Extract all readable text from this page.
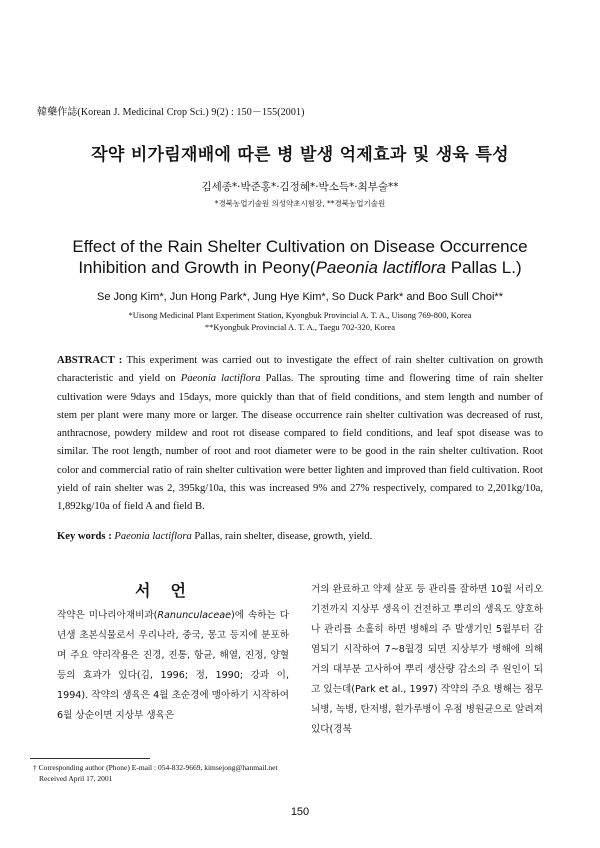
韓藥作誌(Korean J. Medicinal Crop Sci.) 9(2) : 150－155(2001)
작약 비가림재배에 따른 병 발생 억제효과 및 생육 특성
김세종*·박준홍*·김정혜*·박소득*·최부술**
*경북농업기술원 의성약초시험장, **경북농업기술원
Effect of the Rain Shelter Cultivation on Disease Occurrence
Inhibition and Growth in Peony(Paeonia lactiflora Pallas L.)
Se Jong Kim*, Jun Hong Park*, Jung Hye Kim*, So Duck Park* and Boo Sull Choi**
*Uisong Medicinal Plant Experiment Station, Kyongbuk Provincial A. T. A., Uisong 769-800, Korea
**Kyongbuk Provincial A. T. A., Taegu 702-320, Korea
ABSTRACT : This experiment was carried out to investigate the effect of rain shelter cultivation on growth characteristic and yield on Paeonia lactiflora Pallas. The sprouting time and flowering time of rain shelter cultivation were 9days and 15days, more quickly than that of field conditions, and stem length and number of stem per plant were many more or larger. The disease occurrence rain shelter cultivation was decreased of rust, anthracnose, powdery mildew and root rot disease compared to field conditions, and leaf spot disease was to similar. The root length, number of root and root diameter were to be good in the rain shelter cultivation. Root color and commercial ratio of rain shelter cultivation were better lighten and improved than field cultivation. Root yield of rain shelter was 2, 395kg/10a, this was increased 9% and 27% respectively, compared to 2,201kg/10a, 1,892kg/10a of field A and field B.
Key words : Paeonia lactiflora Pallas, rain shelter, disease, growth, yield.
서언

작약은 미나리아재비과(Ranunculaceae)에 속하는 다년생 초본식물로서 우리나라, 중국, 몽고 등지에 분포하며 주요 약리작용은 진경, 진통, 항균, 해열, 진정, 양혈 등의 효과가 있다(김, 1996; 정, 1990; 강과 이, 1994). 작약의 생육은 4월 초순경에 맹아하기 시작하여 6월 상순이면 지상부 생육은

거의 완료하고 약제 살포 등 관리를 잘하면 10월 서리오기전까지 지상부 생육이 건전하고 뿌리의 생육도 양호하나 관리를 소홀히 하면 병해의 주 발생기인 5월부터 감염되기 시작하여 7~8월경 되면 지상부가 병해에 의해 거의 대부분 고사하여 뿌리 생산량 감소의 주 원인이 되고 있는데(Park et al., 1997) 작약의 주요 병해는 점무늬병, 녹병, 탄저병, 흰가루병이 우점 병원균으로 알려져 있다(경북

† Corresponding author (Phone) E-mail : 054-832-9669, kimsejong@hanmail.net
Received April 17, 2001
150
